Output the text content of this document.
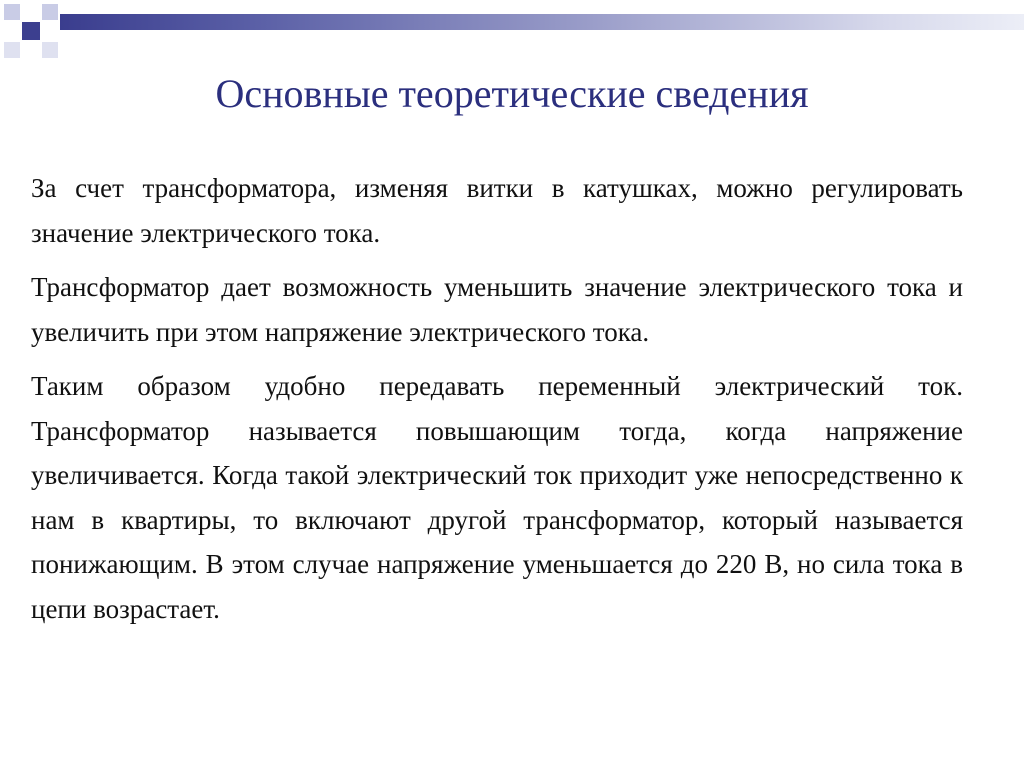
Основные теоретические сведения

За счет трансформатора, изменяя витки в катушках, можно регулировать значение электрического тока.

Трансформатор дает возможность уменьшить значение электрического тока и увеличить при этом напряжение электрического тока.

Таким образом удобно передавать переменный электрический ток. Трансформатор называется повышающим тогда, когда напряжение увеличивается. Когда такой электрический ток приходит уже непосредственно к нам в квартиры, то включают другой трансформатор, который называется понижающим. В этом случае напряжение уменьшается до 220 В, но сила тока в цепи возрастает.
